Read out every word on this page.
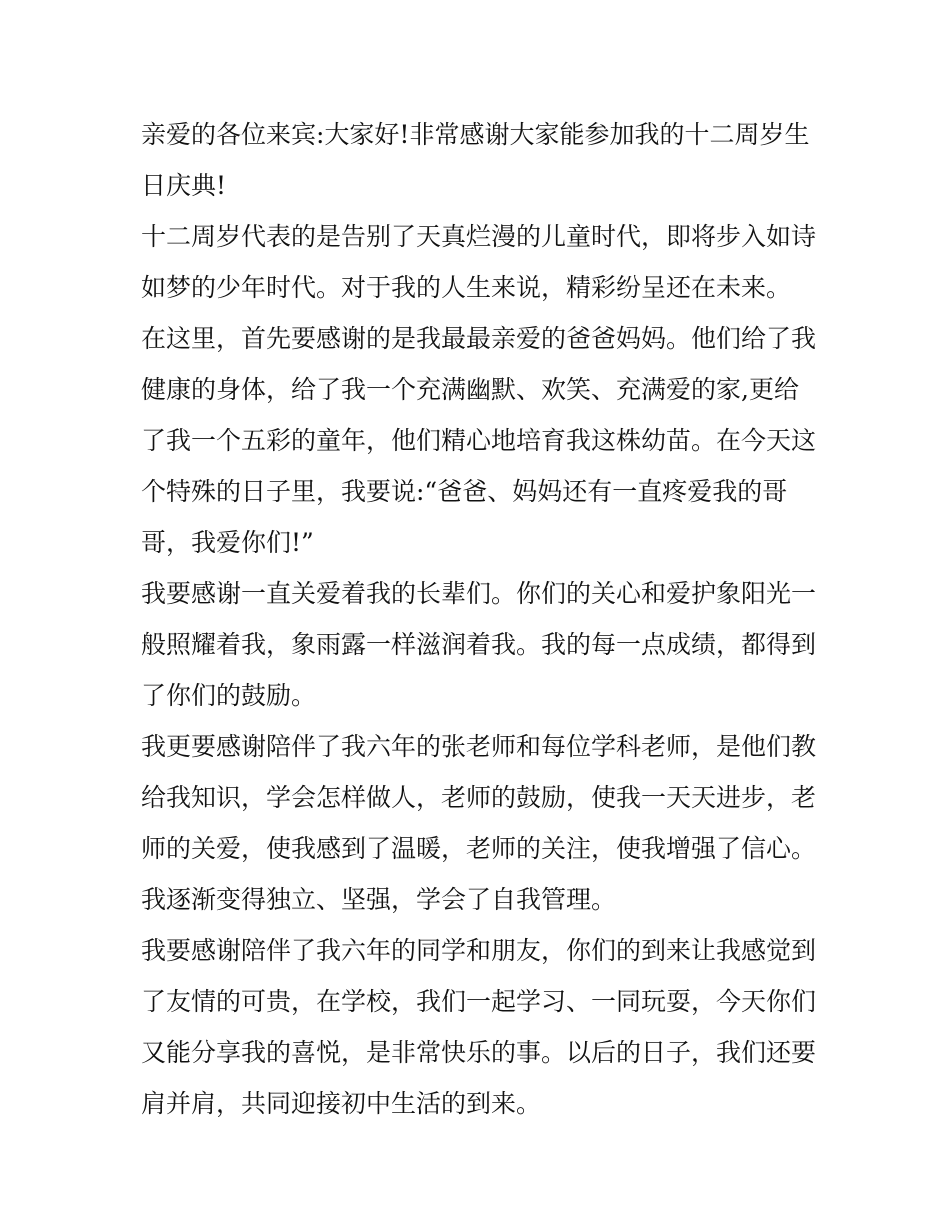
亲爱的各位来宾:大家好!非常感谢大家能参加我的十二周岁生
日庆典!
十二周岁代表的是告别了天真烂漫的儿童时代，即将步入如诗
如梦的少年时代。对于我的人生来说，精彩纷呈还在未来。
在这里，首先要感谢的是我最最亲爱的爸爸妈妈。他们给了我
健康的身体，给了我一个充满幽默、欢笑、充满爱的家,更给
了我一个五彩的童年，他们精心地培育我这株幼苗。在今天这
个特殊的日子里，我要说:“爸爸、妈妈还有一直疼爱我的哥
哥，我爱你们!”
我要感谢一直关爱着我的长辈们。你们的关心和爱护象阳光一
般照耀着我，象雨露一样滋润着我。我的每一点成绩，都得到
了你们的鼓励。
我更要感谢陪伴了我六年的张老师和每位学科老师，是他们教
给我知识，学会怎样做人，老师的鼓励，使我一天天进步，老
师的关爱，使我感到了温暖，老师的关注，使我增强了信心。
我逐渐变得独立、坚强，学会了自我管理。
我要感谢陪伴了我六年的同学和朋友，你们的到来让我感觉到
了友情的可贵，在学校，我们一起学习、一同玩耍，今天你们
又能分享我的喜悦，是非常快乐的事。以后的日子，我们还要
肩并肩，共同迎接初中生活的到来。
